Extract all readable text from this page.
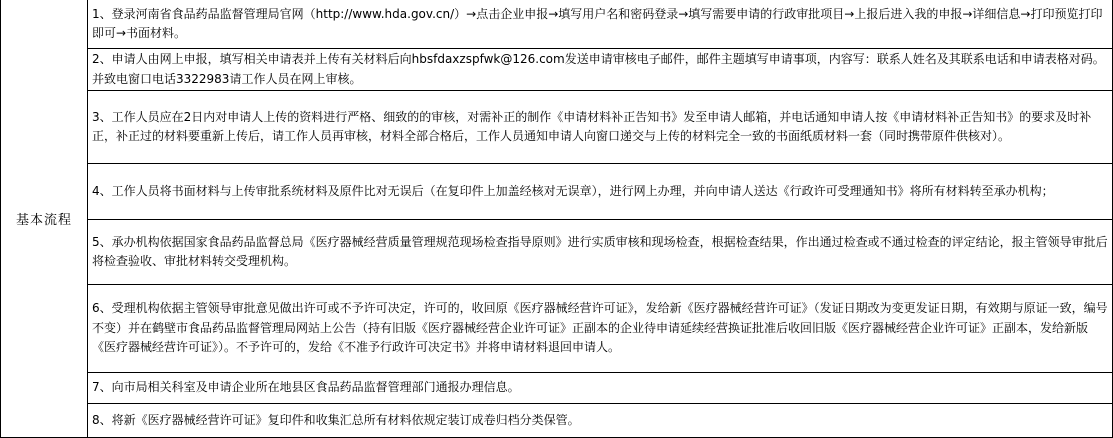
基本流程	1、登录河南省食品药品监督管理局官网（http://www.hda.gov.cn/）→点击企业申报→填写用户名和密码登录→填写需要申请的行政审批项目→上报后进入我的申报→详细信息→打印预览打印即可→书面材料。
2、申请人由网上申报，填写相关申请表并上传有关材料后向hbsfdaxzspfwk@126.com发送申请审核电子邮件，邮件主题填写申请事项，内容写：联系人姓名及其联系电话和申请表格对码。并致电窗口电话3322983请工作人员在网上审核。
3、工作人员应在2日内对申请人上传的资料进行严格、细致的的审核，对需补正的制作《申请材料补正告知书》发至申请人邮箱，并电话通知申请人按《申请材料补正告知书》的要求及时补正，补正过的材料要重新上传后，请工作人员再审核，材料全部合格后，工作人员通知申请人向窗口递交与上传的材料完全一致的书面纸质材料一套（同时携带原件供核对）。
4、工作人员将书面材料与上传审批系统材料及原件比对无误后（在复印件上加盖经核对无误章），进行网上办理，并向申请人送达《行政许可受理通知书》将所有材料转至承办机构；
5、承办机构依据国家食品药品监督总局《医疗器械经营质量管理规范现场检查指导原则》进行实质审核和现场检查，根据检查结果，作出通过检查或不通过检查的评定结论，报主管领导审批后将检查验收、审批材料转交受理机构。
6、受理机构依据主管领导审批意见做出许可或不予许可决定，许可的，收回原《医疗器械经营许可证》，发给新《医疗器械经营许可证》（发证日期改为变更发证日期，有效期与原证一致，编号不变）并在鹤壁市食品药品监督管理局网站上公告（持有旧版《医疗器械经营企业许可证》正副本的企业待申请延续经营换证批准后收回旧版《医疗器械经营企业许可证》正副本，发给新版《医疗器械经营许可证》）。不予许可的，发给《不准予行政许可决定书》并将申请材料退回申请人。
7、向市局相关科室及申请企业所在地县区食品药品监督管理部门通报办理信息。
8、将新《医疗器械经营许可证》复印件和收集汇总所有材料依规定装订成卷归档分类保管。
